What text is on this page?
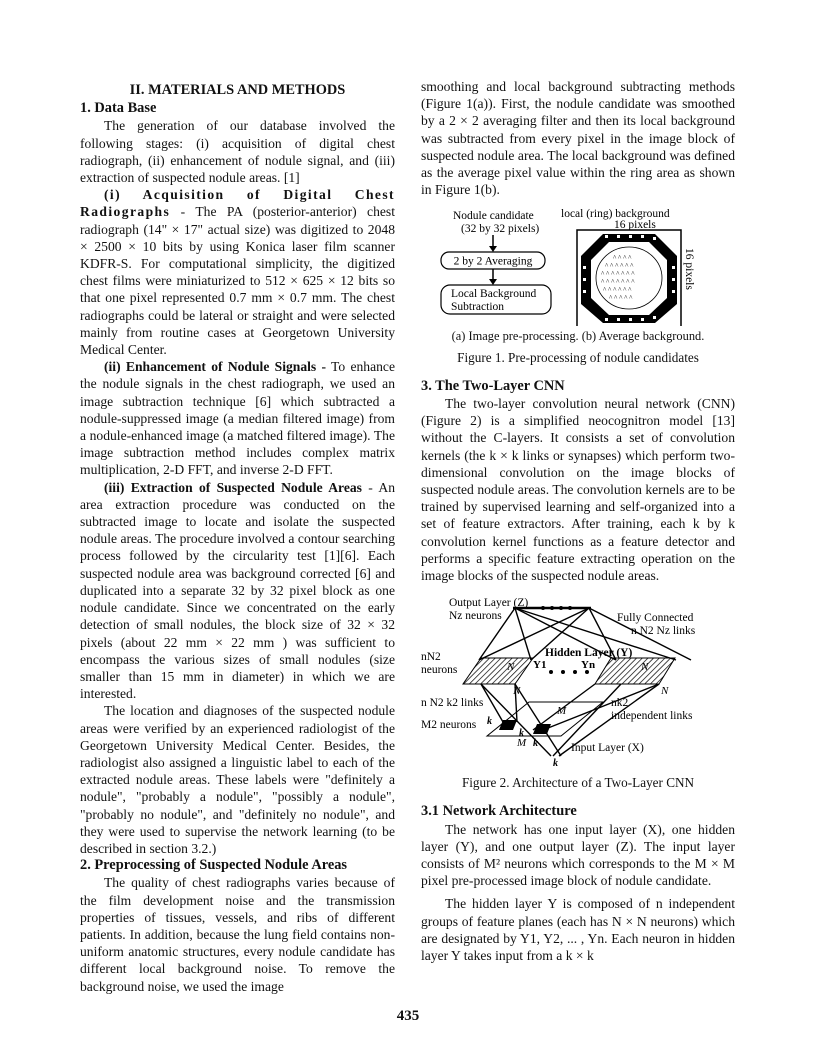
II. MATERIALS AND METHODS
1. Data Base

The generation of our database involved the following stages: (i) acquisition of digital chest radiograph, (ii) enhancement of nodule signal, and (iii) extraction of suspected nodule areas. [1]

(i) Acquisition of Digital Chest Radiographs - The PA (posterior-anterior) chest radiograph (14" × 17" actual size) was digitized to 2048 × 2500 × 10 bits by using Konica laser film scanner KDFR-S. For computational simplicity, the digitized chest films were miniaturized to 512 × 625 × 12 bits so that one pixel represented 0.7 mm × 0.7 mm. The chest radiographs could be lateral or straight and were selected mainly from routine cases at Georgetown University Medical Center.

(ii) Enhancement of Nodule Signals - To enhance the nodule signals in the chest radiograph, we used an image subtraction technique [6] which subtracted a nodule-suppressed image (a median filtered image) from a nodule-enhanced image (a matched filtered image). The image subtraction method includes complex matrix multiplication, 2-D FFT, and inverse 2-D FFT.

(iii) Extraction of Suspected Nodule Areas - An area extraction procedure was conducted on the subtracted image to locate and isolate the suspected nodule areas. The procedure involved a contour searching process followed by the circularity test [1][6]. Each suspected nodule area was background corrected [6] and duplicated into a separate 32 by 32 pixel block as one nodule candidate. Since we concentrated on the early detection of small nodules, the block size of 32 × 32 pixels (about 22 mm × 22 mm ) was sufficient to encompass the various sizes of small nodules (size smaller than 15 mm in diameter) in which we are interested.

The location and diagnoses of the suspected nodule areas were verified by an experienced radiologist of the Georgetown University Medical Center. Besides, the radiologist also assigned a linguistic label to each of the extracted nodule areas. These labels were "definitely a nodule", "probably a nodule", "possibly a nodule", "probably no nodule", and "definitely no nodule", and they were used to supervise the network learning (to be described in section 3.2.)

2. Preprocessing of Suspected Nodule Areas

The quality of chest radiographs varies because of the film development noise and the transmission properties of tissues, vessels, and ribs of different patients. In addition, because the lung field contains non-uniform anatomic structures, every nodule candidate has different local background noise. To remove the background noise, we used the image

smoothing and local background subtracting methods (Figure 1(a)). First, the nodule candidate was smoothed by a 2 × 2 averaging filter and then its local background was subtracted from every pixel in the image block of suspected nodule area. The local background was defined as the average pixel value within the ring area as shown in Figure 1(b).

Nodule candidate
(32 by 32 pixels)
2 by 2 Averaging
Local Background
Subtraction
local (ring) background
16 pixels
^ ^ ^ ^
^ ^ ^ ^ ^ ^
^ ^ ^ ^ ^ ^ ^
^ ^ ^ ^ ^ ^ ^
^ ^ ^ ^ ^ ^
^ ^ ^ ^ ^
16 pixels
(a) Image pre-processing. (b) Average background.
Figure 1. Pre-processing of nodule candidates
3. The Two-Layer CNN

The two-layer convolution neural network (CNN) (Figure 2) is a simplified neocognitron model [13] without the C-layers. It consists a set of convolution kernels (the k × k links or synapses) which perform two-dimensional convolution on the image blocks of suspected nodule areas. The convolution kernels are to be trained by supervised learning and self-organized into a set of feature extractors. After training, each k by k convolution kernel functions as a feature detector and performs a specific feature extracting operation on the image blocks of the suspected nodule areas.

Output Layer (Z)
Nz neurons	Fully Connected
n N2 Nz links
Hidden Layer (Y)
nN2
neurons	Y1	Yn
N
N
N
N
n N2 k2 links	nk2
independent links
M2 neurons
M
M
k
k
k
k
Input Layer (X)
Figure 2. Architecture of a Two-Layer CNN
3.1 Network Architecture

The network has one input layer (X), one hidden layer (Y), and one output layer (Z). The input layer consists of M² neurons which corresponds to the M × M pixel pre-processed image block of nodule candidate.

The hidden layer Y is composed of n independent groups of feature planes (each has N × N neurons) which are designated by Y1, Y2, ... , Yn. Each neuron in hidden layer Y takes input from a k × k

435
